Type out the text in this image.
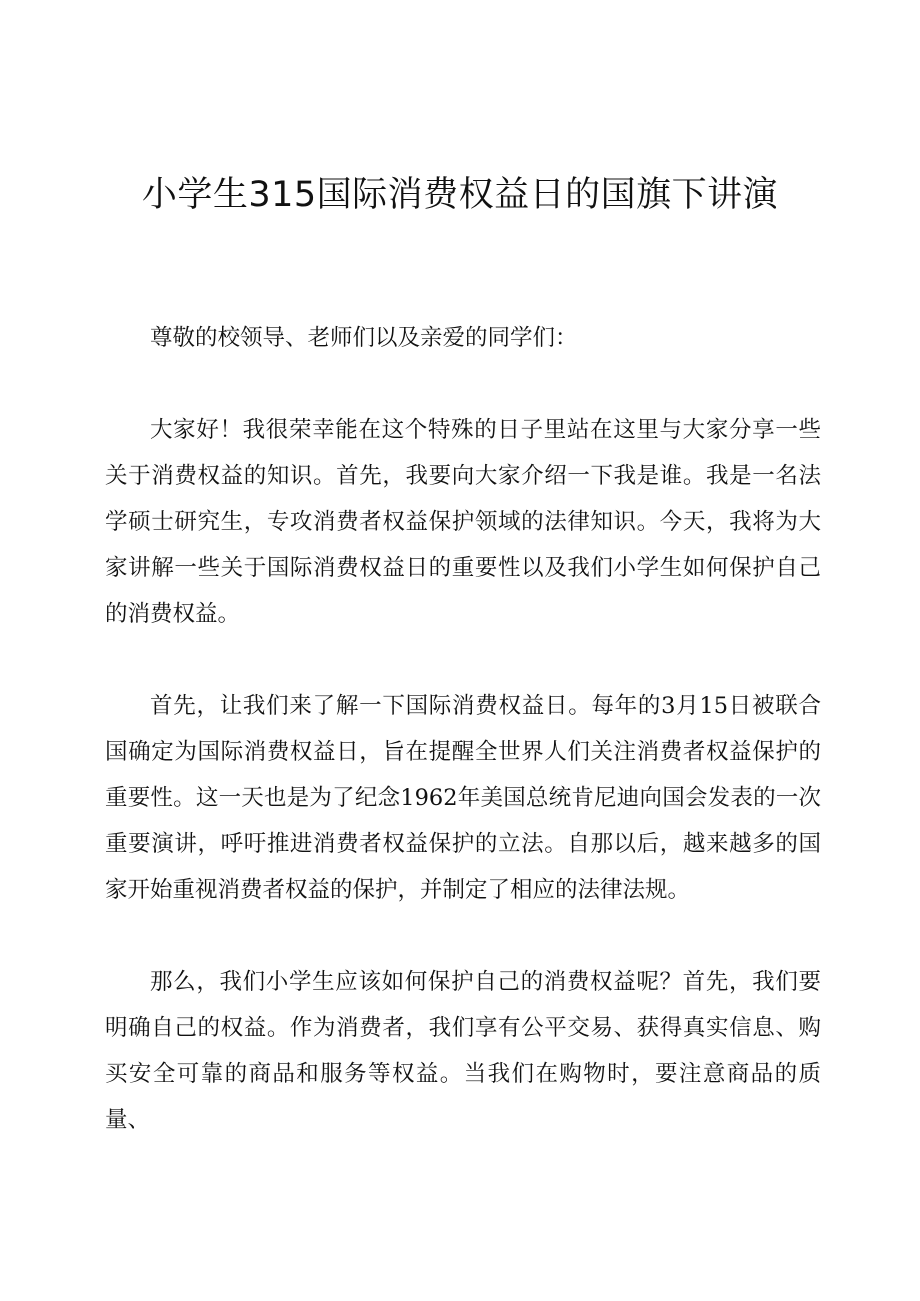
小学生315国际消费权益日的国旗下讲演

尊敬的校领导、老师们以及亲爱的同学们：

大家好！我很荣幸能在这个特殊的日子里站在这里与大家分享一些关于消费权益的知识。首先，我要向大家介绍一下我是谁。我是一名法学硕士研究生，专攻消费者权益保护领域的法律知识。今天，我将为大家讲解一些关于国际消费权益日的重要性以及我们小学生如何保护自己的消费权益。

首先，让我们来了解一下国际消费权益日。每年的3月15日被联合国确定为国际消费权益日，旨在提醒全世界人们关注消费者权益保护的重要性。这一天也是为了纪念1962年美国总统肯尼迪向国会发表的一次重要演讲，呼吁推进消费者权益保护的立法。自那以后，越来越多的国家开始重视消费者权益的保护，并制定了相应的法律法规。

那么，我们小学生应该如何保护自己的消费权益呢？首先，我们要明确自己的权益。作为消费者，我们享有公平交易、获得真实信息、购买安全可靠的商品和服务等权益。当我们在购物时，要注意商品的质量、
